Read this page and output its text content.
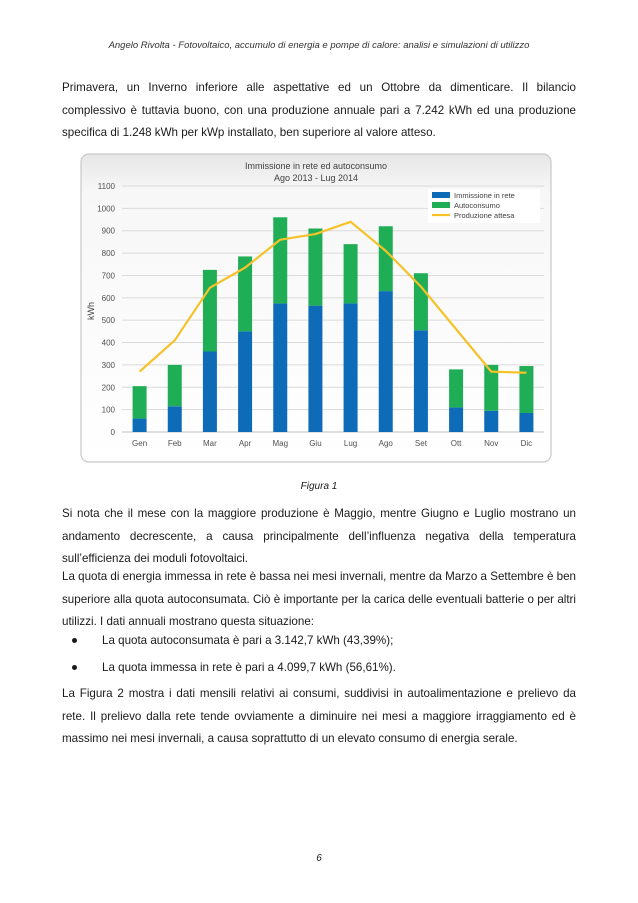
Angelo Rivolta - Fotovoltaico, accumulo di energia e pompe di calore: analisi e simulazioni di utilizzo

Primavera, un Inverno inferiore alle aspettative ed un Ottobre da dimenticare. Il bilancio complessivo è tuttavia buono, con una produzione annuale pari a 7.242 kWh ed una produzione specifica di 1.248 kWh per kWp installato, ben superiore al valore atteso.

Immissione in rete ed autoconsumo
Ago 2013 - Lug 2014
0
100
200
300
400
500
600
700
800
900
1000
1100
Gen	Feb	Mar	Apr	Mag	Giu	Lug	Ago	Set	Ott	Nov	Dic
kWh
Immissione in rete
Autoconsumo
Produzione attesa
Figura 1

Si nota che il mese con la maggiore produzione è Maggio, mentre Giugno e Luglio mostrano un andamento decrescente, a causa principalmente dell’influenza negativa della temperatura sull’efficienza dei moduli fotovoltaici.

La quota di energia immessa in rete è bassa nei mesi invernali, mentre da Marzo a Settembre è ben superiore alla quota autoconsumata. Ciò è importante per la carica delle eventuali batterie o per altri utilizzi. I dati annuali mostrano questa situazione:

La quota autoconsumata è pari a 3.142,7 kWh (43,39%);
La quota immessa in rete è pari a 4.099,7 kWh (56,61%).

La Figura 2 mostra i dati mensili relativi ai consumi, suddivisi in autoalimentazione e prelievo da rete. Il prelievo dalla rete tende ovviamente a diminuire nei mesi a maggiore irraggiamento ed è massimo nei mesi invernali, a causa soprattutto di un elevato consumo di energia serale.

6
